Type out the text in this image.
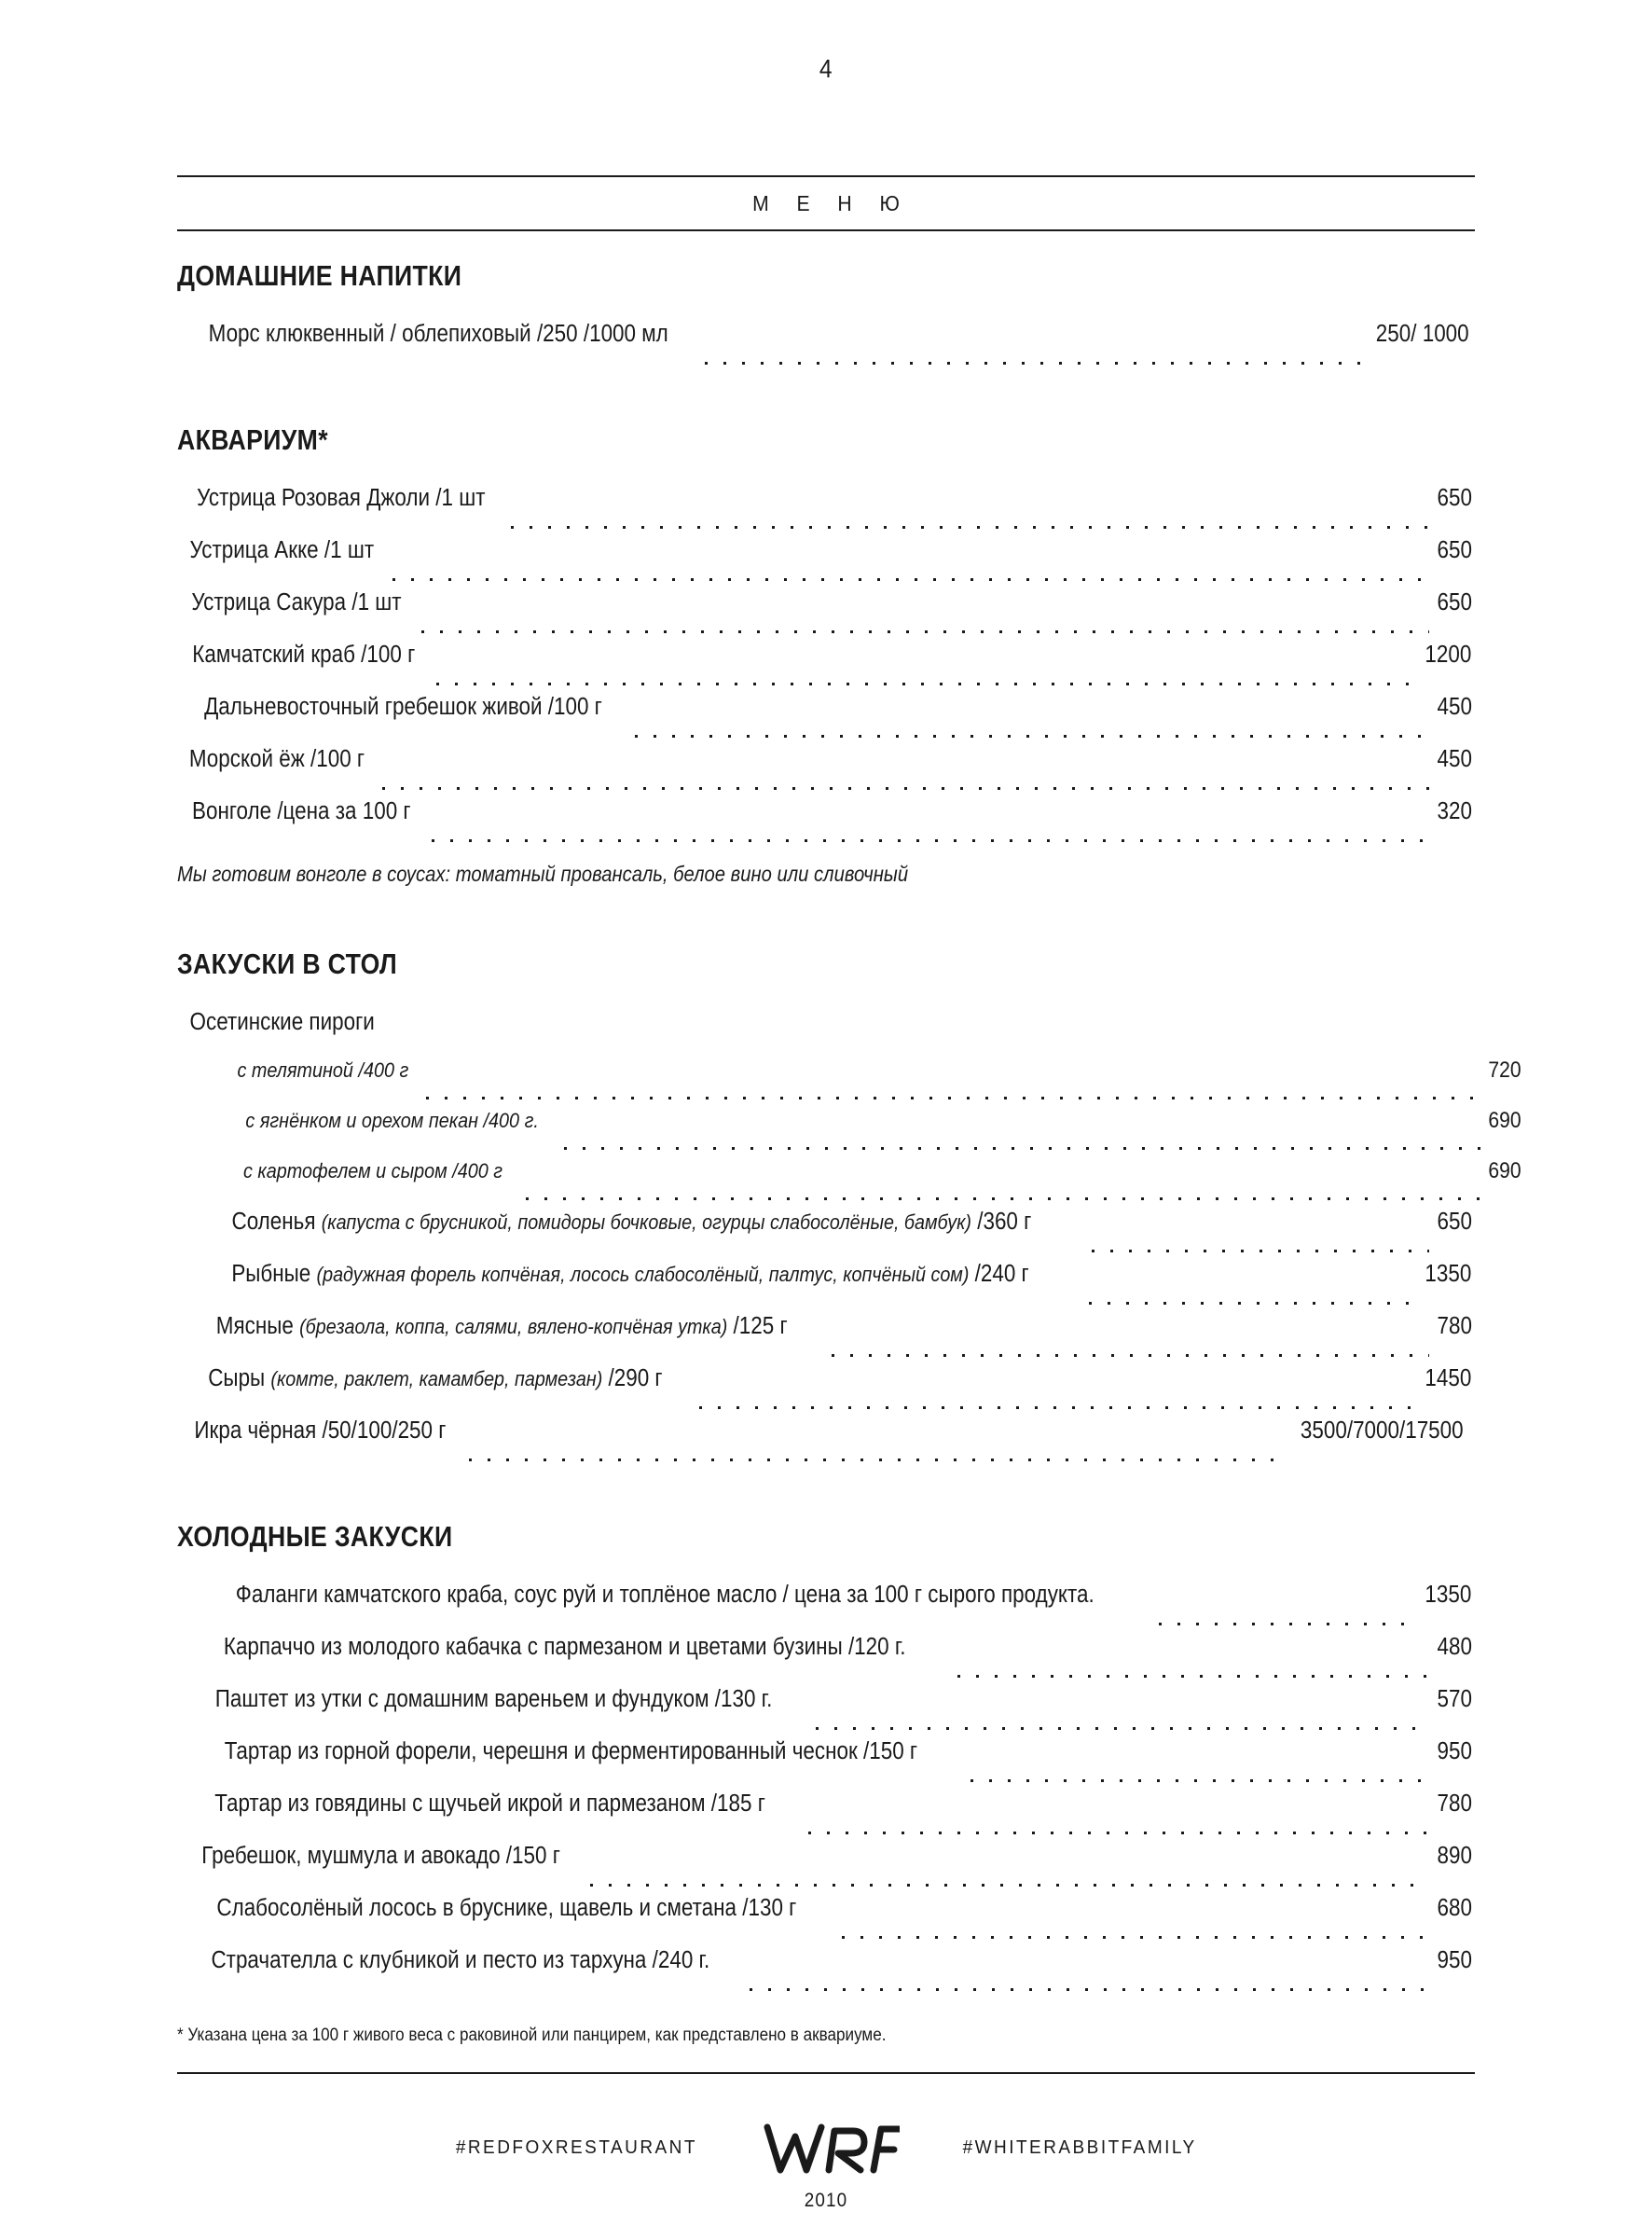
4
М Е Н Ю
ДОМАШНИЕ НАПИТКИ
Морс клюквенный / облепиховый /250 /1000 мл	250/ 1000
АКВАРИУМ*
Устрица Розовая Джоли /1 шт	650
Устрица Акке /1 шт	650
Устрица Сакура /1 шт	650
Камчатский краб /100 г	1200
Дальневосточный гребешок живой /100 г	450
Морской ёж /100 г	450
Вонголе /цена за 100 г	320
Мы готовим вонголе в соусах: томатный провансаль, белое вино или сливочный
ЗАКУСКИ В СТОЛ
Осетинские пироги
с телятиной /400 г	720
с ягнёнком и орехом пекан /400 г.	690
с картофелем и сыром /400 г	690
Соленья (капуста с брусникой, помидоры бочковые, огурцы слабосолёные, бамбук) /360 г	650
Рыбные (радужная форель копчёная, лосось слабосолёный, палтус, копчёный сом) /240 г	1350
Мясные (брезаола, коппа, салями, вялено-копчёная утка) /125 г	780
Сыры (комте, раклет, камамбер, пармезан) /290 г	1450
Икра чёрная /50/100/250 г	3500/7000/17500
ХОЛОДНЫЕ ЗАКУСКИ
Фаланги камчатского краба, соус руй и топлёное масло / цена за 100 г сырого продукта.	1350
Карпаччо из молодого кабачка с пармезаном и цветами бузины /120 г.	480
Паштет из утки с домашним вареньем и фундуком /130 г.	570
Тартар из горной форели, черешня и ферментированный чеснок /150 г	950
Тартар из говядины с щучьей икрой и пармезаном /185 г	780
Гребешок, мушмула и авокадо /150 г	890
Слабосолёный лосось в бруснике, щавель и сметана /130 г	680
Страчателла с клубникой и песто из тархуна /240 г.	950
* Указана цена за 100 г живого веса с раковиной или панцирем, как представлено в аквариуме.
#REDFOXRESTAURANT	#WHITERABBITFAMILY
2010
